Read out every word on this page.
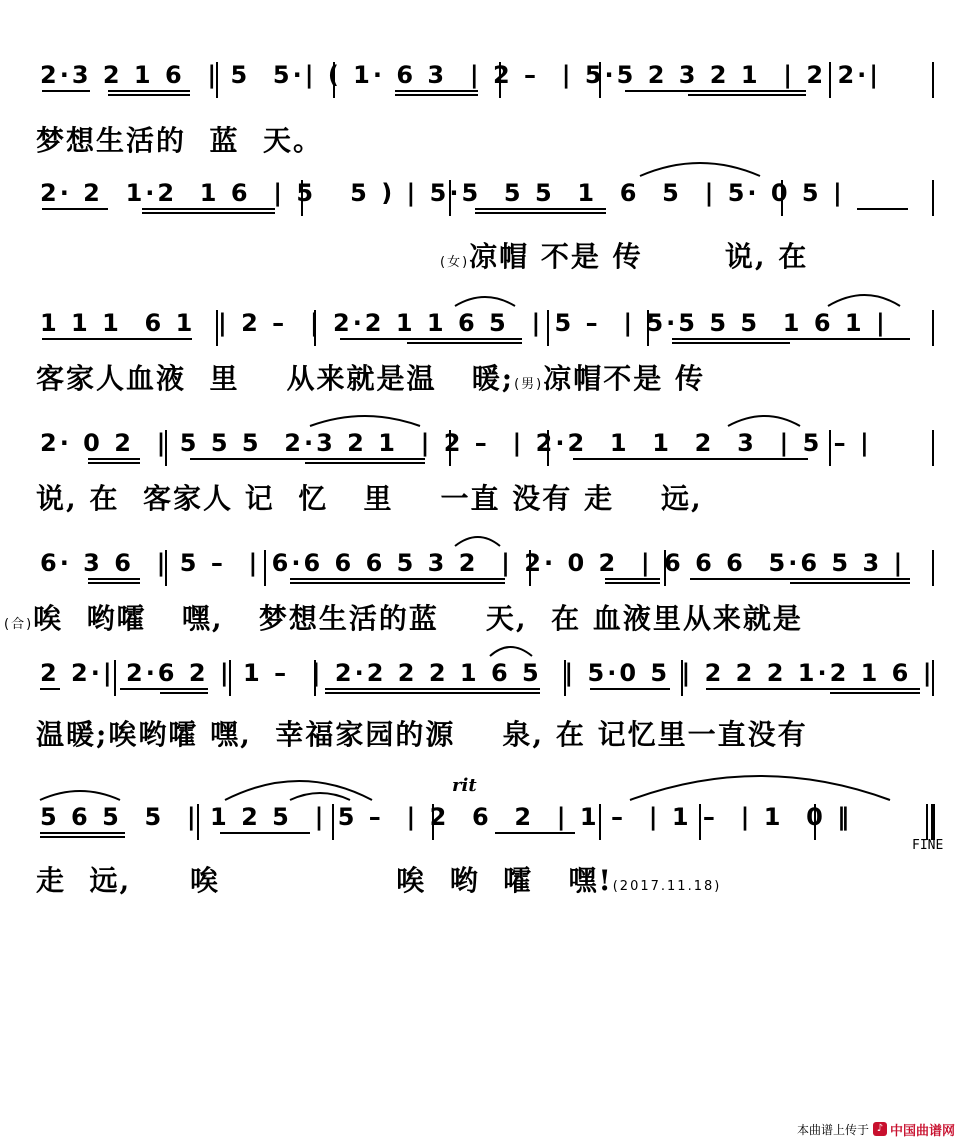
2·3 2 1 6  | 5  5·| ( 1· 6 3  | 2 –  | 5·5 2 3 2 1  | 2 2·|
梦想生活的  蓝  天。
2· 2  1·2  1 6  | 5   5 ) | 5·5  5 5  1  6  5  | 5· 0 5 |
(女)凉帽 不是 传       说, 在
1 1 1  6 1  | 2 –  | 2·2 1 1 6 5  | 5 –  | 5·5 5 5  1 6 1 |
客家人血液  里    从来就是温   暖;(男)凉帽不是 传
2· 0 2  | 5 5 5  2·3 2 1  | 2 –  | 2·2  1  1  2  3  | 5 – |
说, 在  客家人 记  忆   里    一直 没有 走    远,
6· 3 6  | 5 –  | 6·6 6 6 5 3 2  | 2· 0 2  | 6 6 6  5·6 5 3 |
(合)唉  哟嚯   嘿,   梦想生活的蓝    天,  在 血液里从来就是
2 2·| 2·6 2 | 1 –  | 2·2 2 2 1 6 5  | 5·0 5 | 2 2 2 1·2 1 6 |
温暖;唉哟嚯 嘿,  幸福家园的源    泉, 在 记忆里一直没有
rit
5 6 5  5  | 1 2 5  | 5 –  | 2  6  2  | 1 –  | 1 –  | 1  0 ‖
FINE
走  远,     唉               唉  哟  嚯   嘿!(2017.11.18)
本曲谱上传于 ♪ 中国曲谱网
